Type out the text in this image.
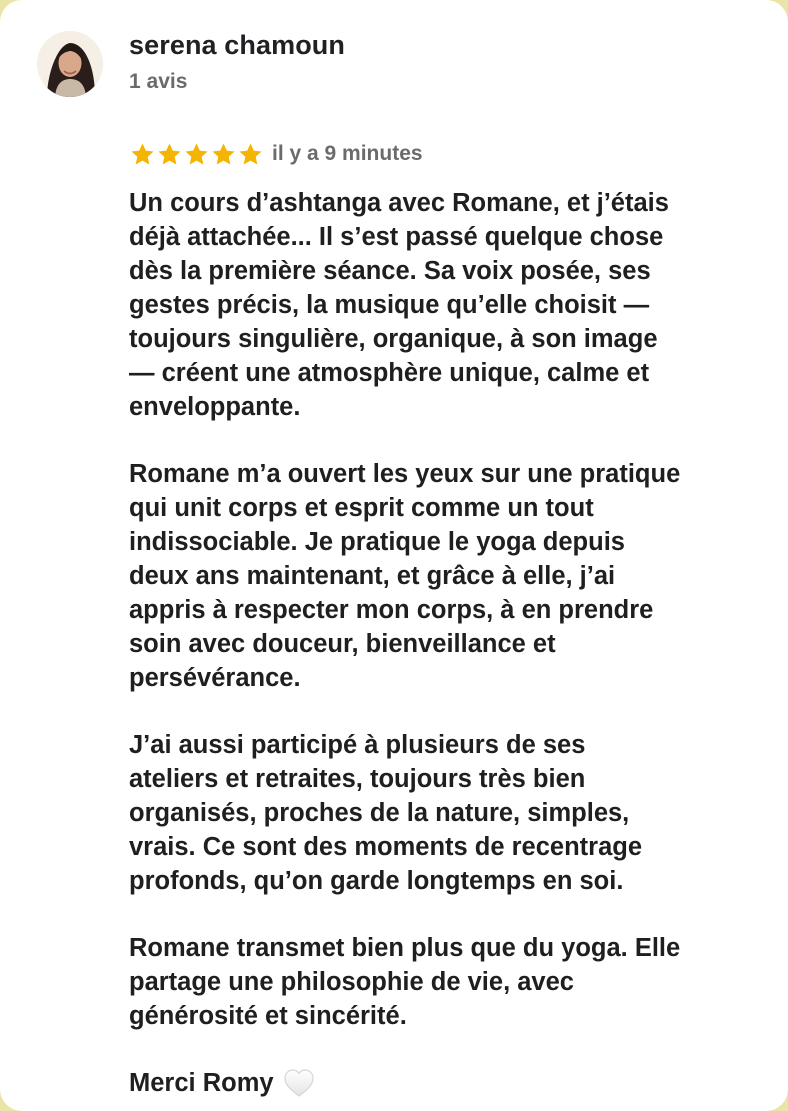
serena chamoun
1 avis
il y a 9 minutes

Un cours d’ashtanga avec Romane, et j’étais
déjà attachée... Il s’est passé quelque chose
dès la première séance. Sa voix posée, ses
gestes précis, la musique qu’elle choisit —
toujours singulière, organique, à son image
— créent une atmosphère unique, calme et
enveloppante.

Romane m’a ouvert les yeux sur une pratique
qui unit corps et esprit comme un tout
indissociable. Je pratique le yoga depuis
deux ans maintenant, et grâce à elle, j’ai
appris à respecter mon corps, à en prendre
soin avec douceur, bienveillance et
persévérance.

J’ai aussi participé à plusieurs de ses
ateliers et retraites, toujours très bien
organisés, proches de la nature, simples,
vrais. Ce sont des moments de recentrage
profonds, qu’on garde longtemps en soi.

Romane transmet bien plus que du yoga. Elle
partage une philosophie de vie, avec
générosité et sincérité.

Merci Romy
